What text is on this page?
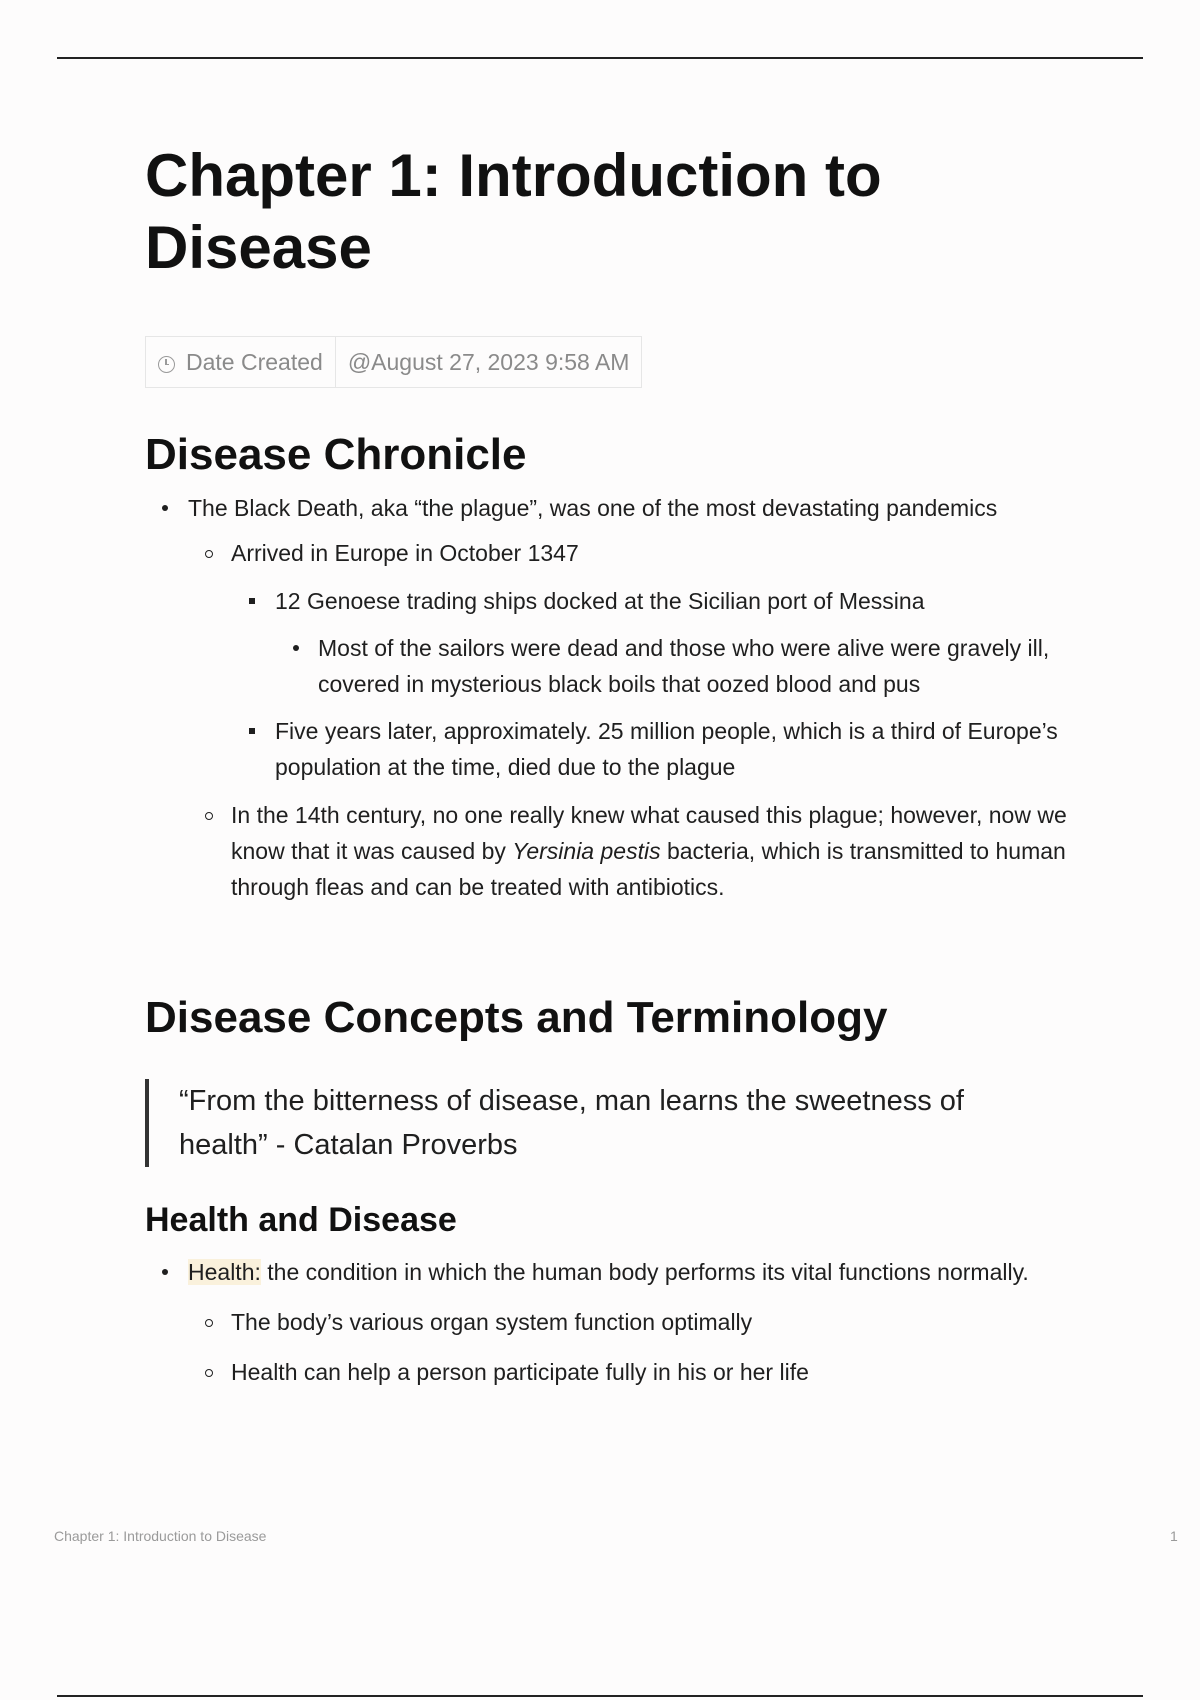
Chapter 1: Introduction to Disease
Date Created @August 27, 2023 9:58 AM
Disease Chronicle
The Black Death, aka “the plague”, was one of the most devastating pandemics
Arrived in Europe in October 1347
12 Genoese trading ships docked at the Sicilian port of Messina
Most of the sailors were dead and those who were alive were gravely ill, covered in mysterious black boils that oozed blood and pus
Five years later, approximately. 25 million people, which is a third of Europe’s population at the time, died due to the plague
In the 14th century, no one really knew what caused this plague; however, now we know that it was caused by Yersinia pestis bacteria, which is transmitted to human through fleas and can be treated with antibiotics.
Disease Concepts and Terminology
“From the bitterness of disease, man learns the sweetness of health” - Catalan Proverbs
Health and Disease
Health: the condition in which the human body performs its vital functions normally.
The body’s various organ system function optimally
Health can help a person participate fully in his or her life
Chapter 1: Introduction to Disease	1
